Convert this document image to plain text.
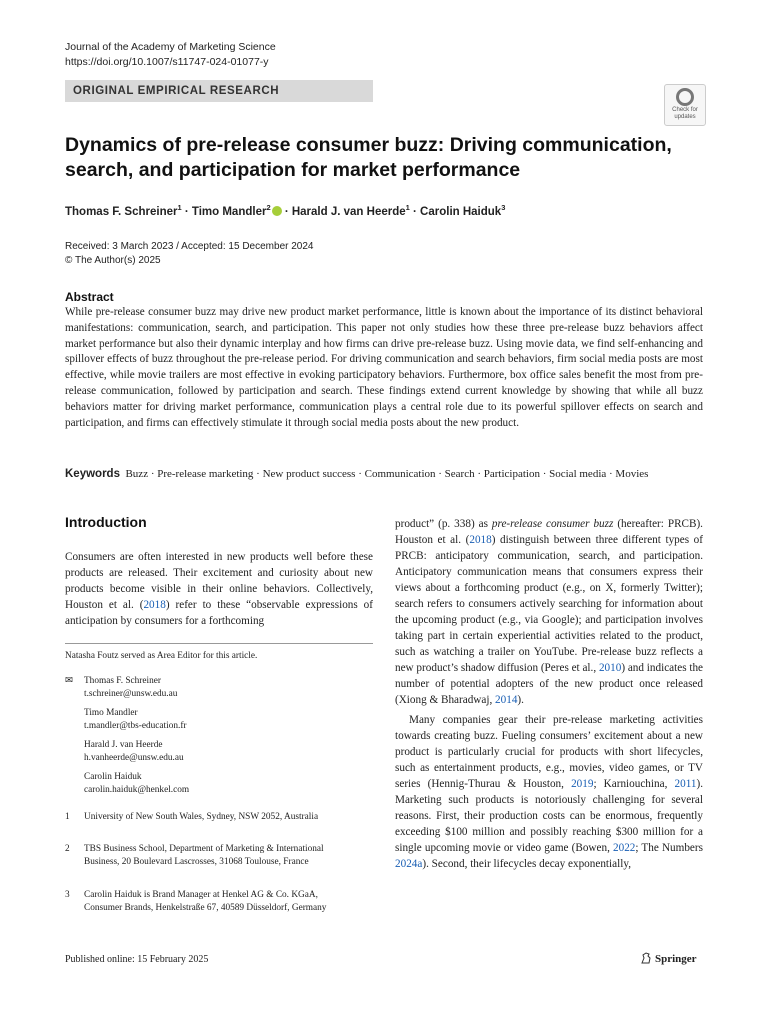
Journal of the Academy of Marketing Science
https://doi.org/10.1007/s11747-024-01077-y
ORIGINAL EMPIRICAL RESEARCH
Check for
updates
Dynamics of pre-release consumer buzz: Driving communication,
search, and participation for market performance
Thomas F. Schreiner$^1$ · Timo Mandler$^2$ · Harald J. van Heerde$^1$ · Carolin Haiduk$^3$
Received: 3 March 2023 / Accepted: 15 December 2024
© The Author(s) 2025
Abstract
While pre-release consumer buzz may drive new product market performance, little is known about the importance of its distinct behavioral manifestations: communication, search, and participation. This paper not only studies how these three pre-release buzz behaviors affect market performance but also their dynamic interplay and how firms can drive pre-release buzz. Using movie data, we find self-enhancing and spillover effects of buzz throughout the pre-release period. For driving communication and search behaviors, firm social media posts are most effective, while movie trailers are most effective in evoking participatory behaviors. Furthermore, box office sales benefit the most from pre-release communication, followed by participation and search. These findings extend current knowledge by showing that while all buzz behaviors matter for driving market performance, communication plays a central role due to its powerful spillover effects on search and participation, and firms can effectively stimulate it through social media posts about the new product.
Keywords Buzz · Pre-release marketing · New product success · Communication · Search · Participation · Social media · Movies
Introduction

Consumers are often interested in new products well before these products are released. Their excitement and curiosity about new products become visible in their online behaviors. Collectively, Houston et al. (2018) refer to these “observable expressions of anticipation by consumers for a forthcoming

Natasha Foutz served as Area Editor for this article.
✉ Thomas F. Schreiner
t.schreiner@unsw.edu.au
Timo Mandler
t.mandler@tbs-education.fr
Harald J. van Heerde
h.vanheerde@unsw.edu.au
Carolin Haiduk
carolin.haiduk@henkel.com
1 University of New South Wales, Sydney, NSW 2052, Australia
2 TBS Business School, Department of Marketing & International Business, 20 Boulevard Lascrosses, 31068 Toulouse, France
3 Carolin Haiduk is Brand Manager at Henkel AG & Co. KGaA, Consumer Brands, Henkelstraße 67, 40589 Düsseldorf, Germany

product” (p. 338) as pre-release consumer buzz (hereafter: PRCB). Houston et al. (2018) distinguish between three different types of PRCB: anticipatory communication, search, and participation. Anticipatory communication means that consumers express their views about a forthcoming product (e.g., on X, formerly Twitter); search refers to consumers actively searching for information about the upcoming product (e.g., via Google); and participation involves taking part in certain experiential activities related to the product, such as watching a trailer on YouTube. Pre-release buzz reflects a new product’s shadow diffusion (Peres et al., 2010) and indicates the number of potential adopters of the new product once released (Xiong & Bharadwaj, 2014).

Many companies gear their pre-release marketing activities towards creating buzz. Fueling consumers’ excitement about a new product is particularly crucial for products with short lifecycles, such as entertainment products, e.g., movies, video games, or TV series (Hennig-Thurau & Houston, 2019; Karniouchina, 2011). Marketing such products is notoriously challenging for several reasons. First, their production costs can be enormous, frequently exceeding $100 million and possibly reaching $300 million for a single upcoming movie or video game (Bowen, 2022; The Numbers 2024a). Second, their lifecycles decay exponentially,

Published online: 15 February 2025	Springer
